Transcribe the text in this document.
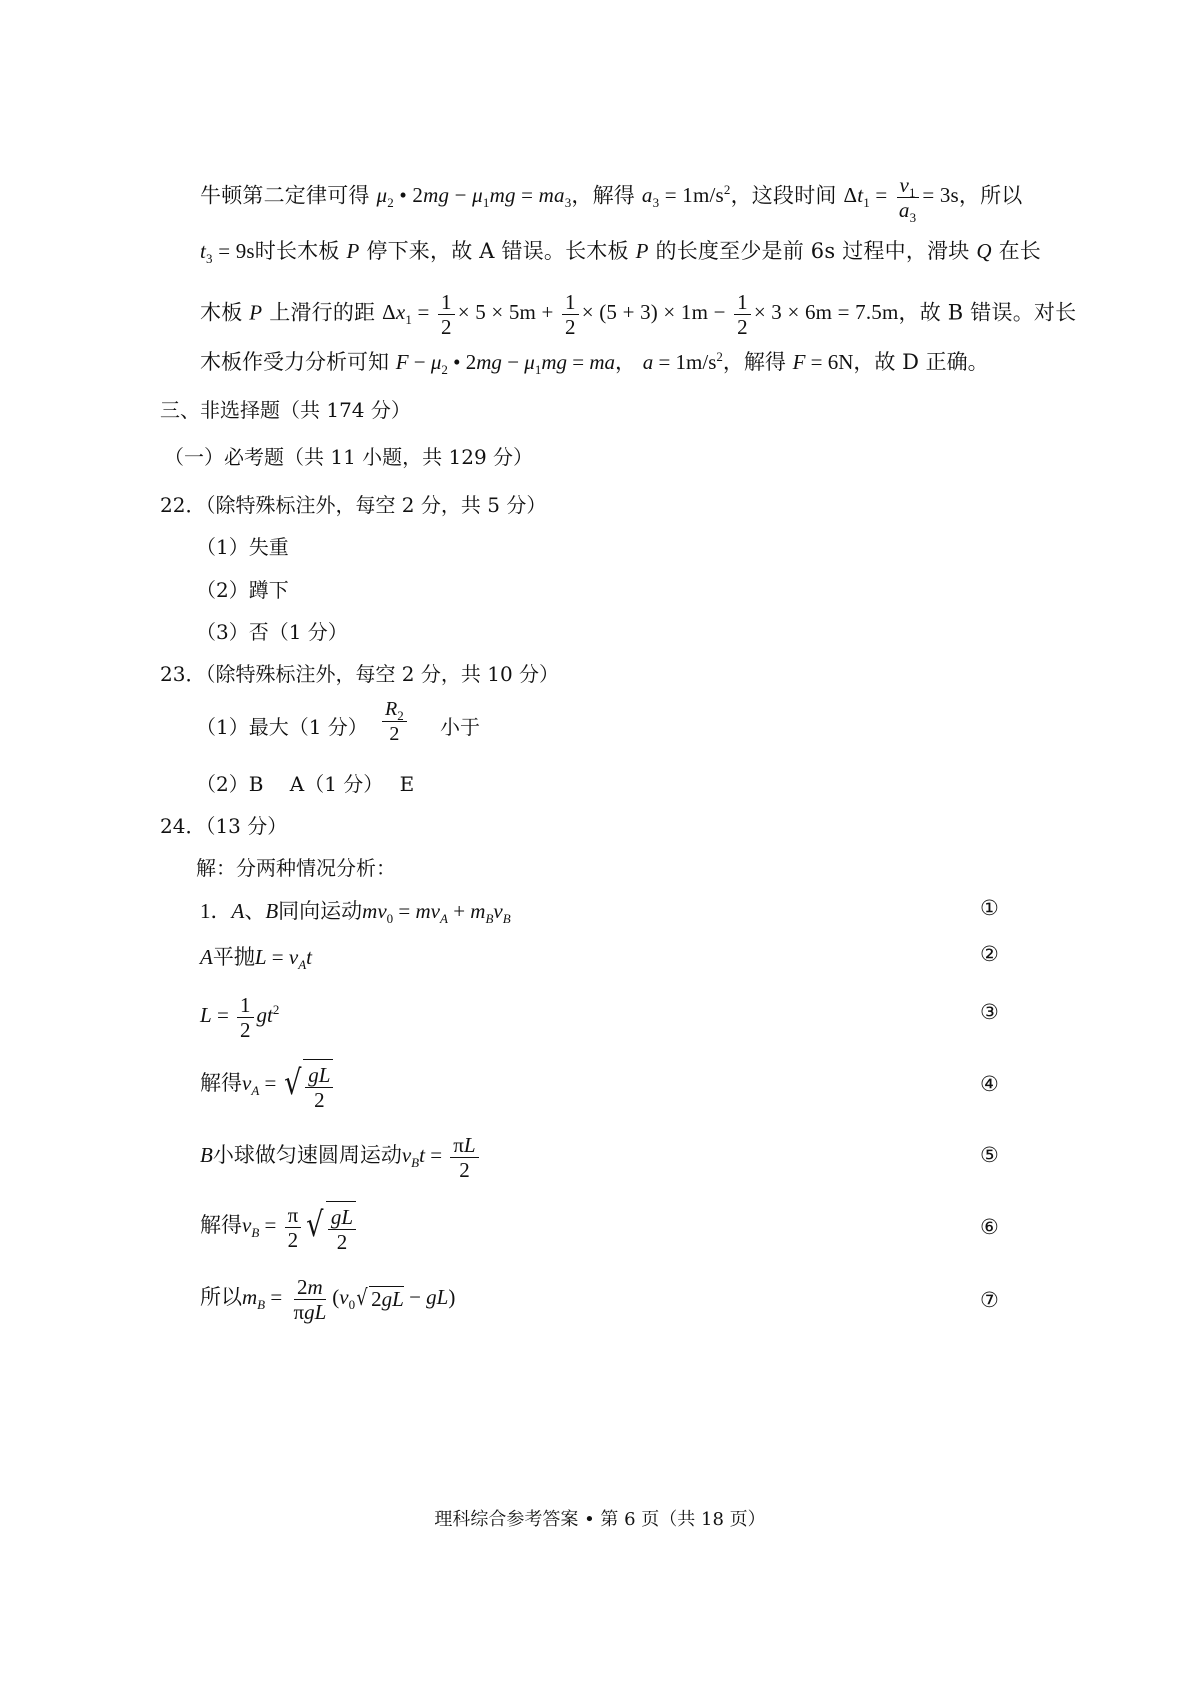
牛顿第二定律可得 $\mu_2$ • $2mg - \mu_1mg = ma_3$，解得 $a_3 = 1m/s^2$，这段时间 $\Delta t_1 = \frac{v_1}{a_3} = 3s$，所以
$t_3 = 9s$时长木板 P 停下来，故 A 错误。长木板 P 的长度至少是前 6s 过程中，滑块 Q 在长
木板 P 上滑行的距 $\Delta x_1 = \frac{1}{2} \times 5 \times 5m + \frac{1}{2} \times (5 + 3) \times 1m - \frac{1}{2} \times 3 \times 6m = 7.5m$，故 B 错误。对长
木板作受力分析可知 $F - \mu_2$ • $2mg - \mu_1mg$ = ma， $a = 1m/s^2$，解得 F = 6N，故 D 正确。
三、非选择题（共 174 分）
（一）必考题（共 11 小题，共 129 分）
22．（除特殊标注外，每空 2 分，共 5 分）
（1）失重
（2）蹲下
（3）否（1 分）
23．（除特殊标注外，每空 2 分，共 10 分）
（1）最大（1 分） $\frac{R_2}{2}$ 小于
（2）B　 A（1 分）　 E
24．（13 分）
解：分两种情况分析：
1．A、B同向运动$mv_0 = mv_A + m_Bv_B$	①
A平抛$L = v_At$	②
$L = \frac{1}{2} gt^2$	③
解得$v_A$ = √ $\frac{gL}{2}$	④
B小球做匀速圆周运动$v_Bt = \frac{\pi L}{2}$	⑤
解得$v_B = \frac{\pi}{2}$ √ $\frac{gL}{2}$	⑥
所以$m_B = \frac{2m}{\text{πgL}} (v_0$ √ 2gL − gL)	⑦
理科综合参考答案 • 第 6 页（共 18 页）
